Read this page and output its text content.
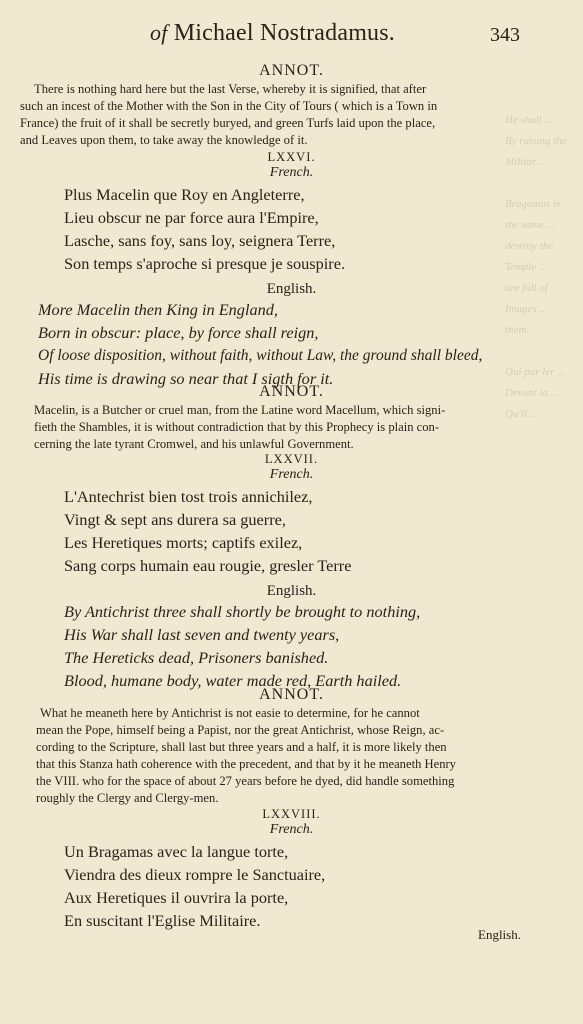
He shall ...
By raising the Militar...

Bragamas is the same ...
destroy the Temple ...
are full of Images ...
them.

Qui par ler ...
Devant la ...
Qu'il ...
of Michael Nostradamus.	343
ANNOT.
There is nothing hard here but the last Verse, whereby it is signified, that after
such an incest of the Mother with the Son in the City of Tours ( which is a Town in
France) the fruit of it shall be secretly buryed, and green Turfs laid upon the place,
and Leaves upon them, to take away the knowledge of it.
LXXVI.
French.
Plus Macelin que Roy en Angleterre,
Lieu obscur ne par force aura l'Empire,
Lasche, sans foy, sans loy, seignera Terre,
Son temps s'aproche si presque je souspire.
English.
More Macelin then King in England,
Born in obscur: place, by force shall reign,
Of loose disposition, without faith, without Law, the ground shall bleed,
His time is drawing so near that I sigth for it.
ANNOT.
Macelin, is a Butcher or cruel man, from the Latine word Macellum, which signi-
fieth the Shambles, it is without contradiction that by this Prophecy is plain con-
cerning the late tyrant Cromwel, and his unlawful Government.
LXXVII.
French.
L'Antechrist bien tost trois annichilez,
Vingt & sept ans durera sa guerre,
Les Heretiques morts; captifs exilez,
Sang corps humain eau rougie, gresler Terre
English.
By Antichrist three shall shortly be brought to nothing,
His War shall last seven and twenty years,
The Hereticks dead, Prisoners banished.
Blood, humane body, water made red, Earth hailed.
ANNOT.
What he meaneth here by Antichrist is not easie to determine, for he cannot
mean the Pope, himself being a Papist, nor the great Antichrist, whose Reign, ac-
cording to the Scripture, shall last but three years and a half, it is more likely then
that this Stanza hath coherence with the precedent, and that by it he meaneth Henry
the VIII. who for the space of about 27 years before he dyed, did handle something
roughly the Clergy and Clergy-men.
LXXVIII.
French.
Un Bragamas avec la langue torte,
Viendra des dieux rompre le Sanctuaire,
Aux Heretiques il ouvrira la porte,
En suscitant l'Eglise Militaire.
English.
